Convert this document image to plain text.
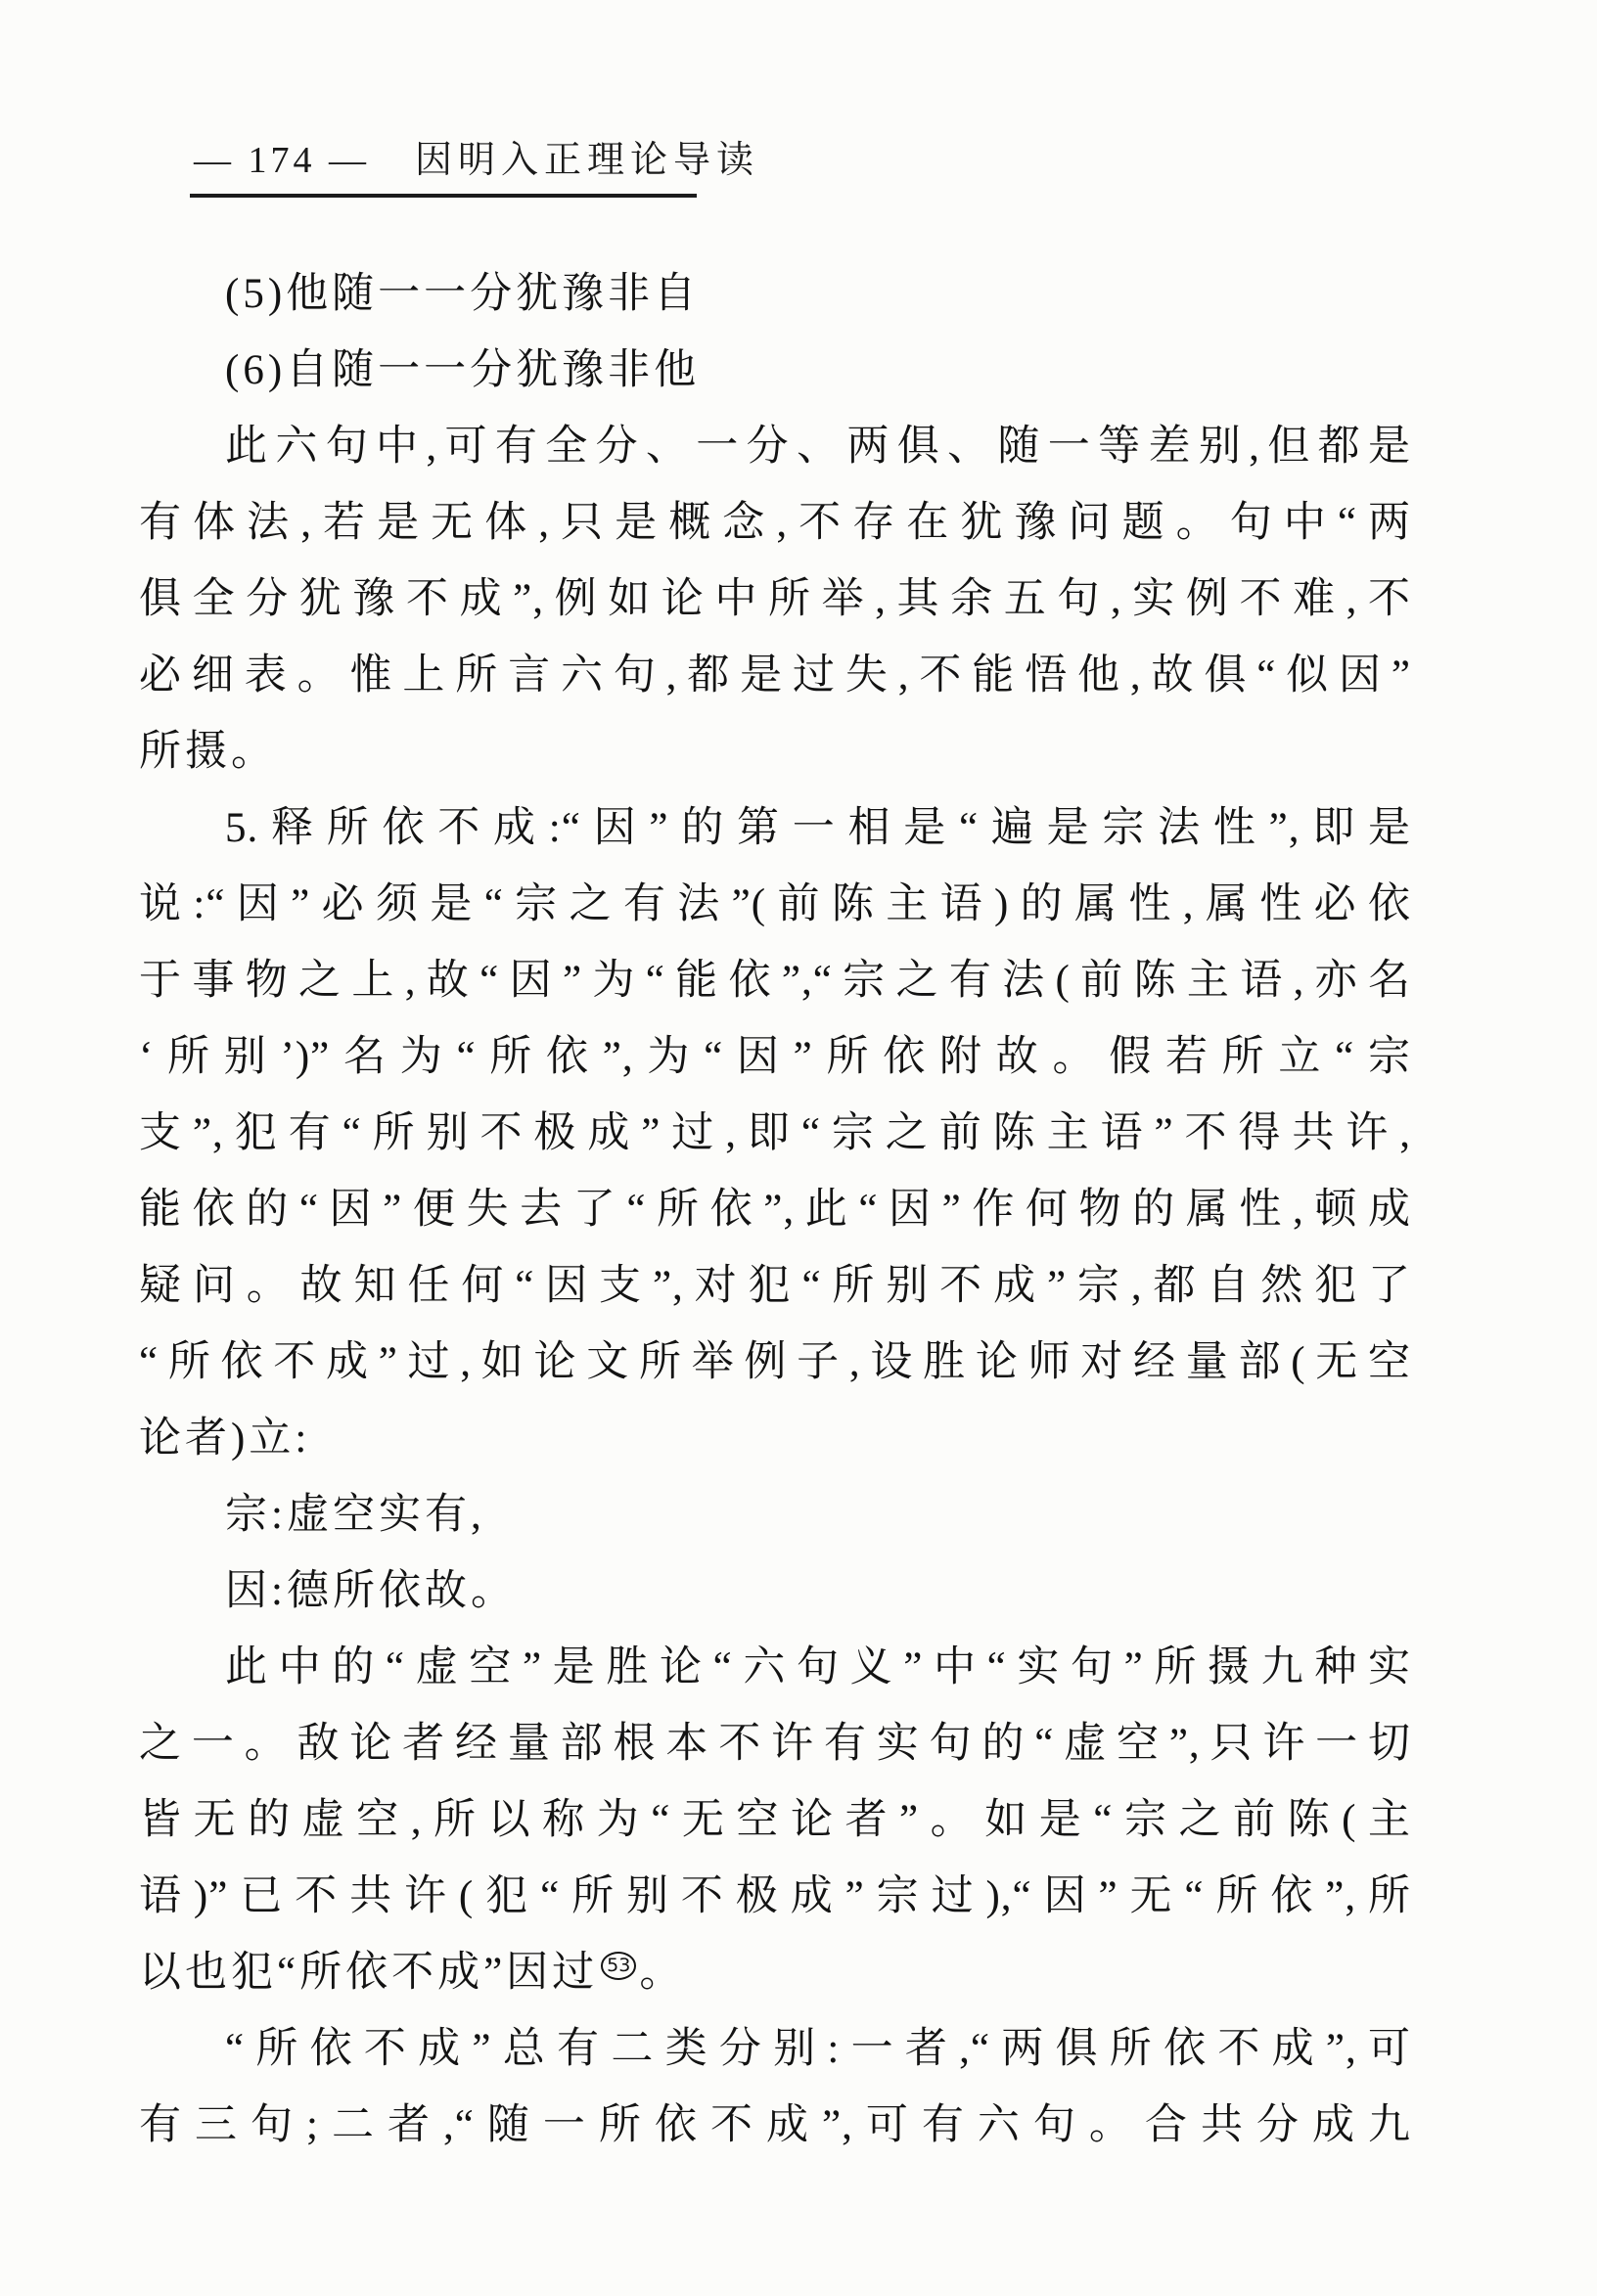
— 174 — 因明入正理论导读
(5)他随一一分犹豫非自
(6)自随一一分犹豫非他
此六句中,可有全分、一分、两俱、随一等差别,但都是
有体法,若是无体,只是概念,不存在犹豫问题。句中“两
俱全分犹豫不成”,例如论中所举,其余五句,实例不难,不
必细表。惟上所言六句,都是过失,不能悟他,故俱“似因”
所摄。
5.释所依不成:“因”的第一相是“遍是宗法性”,即是
说:“因”必须是“宗之有法”(前陈主语)的属性,属性必依
于事物之上,故“因”为“能依”,“宗之有法(前陈主语,亦名
‘所别’)”名为“所依”,为“因”所依附故。假若所立“宗
支”,犯有“所别不极成”过,即“宗之前陈主语”不得共许,
能依的“因”便失去了“所依”,此“因”作何物的属性,顿成
疑问。故知任何“因支”,对犯“所别不成”宗,都自然犯了
“所依不成”过,如论文所举例子,设胜论师对经量部(无空
论者)立:
宗:虚空实有,
因:德所依故。
此中的“虚空”是胜论“六句义”中“实句”所摄九种实
之一。敌论者经量部根本不许有实句的“虚空”,只许一切
皆无的虚空,所以称为“无空论者”。如是“宗之前陈(主
语)”已不共许(犯“所别不极成”宗过),“因”无“所依”,所
以也犯“所依不成”因过 53 。
“所依不成”总有二类分别:一者,“两俱所依不成”,可
有三句;二者,“随一所依不成”,可有六句。合共分成九
